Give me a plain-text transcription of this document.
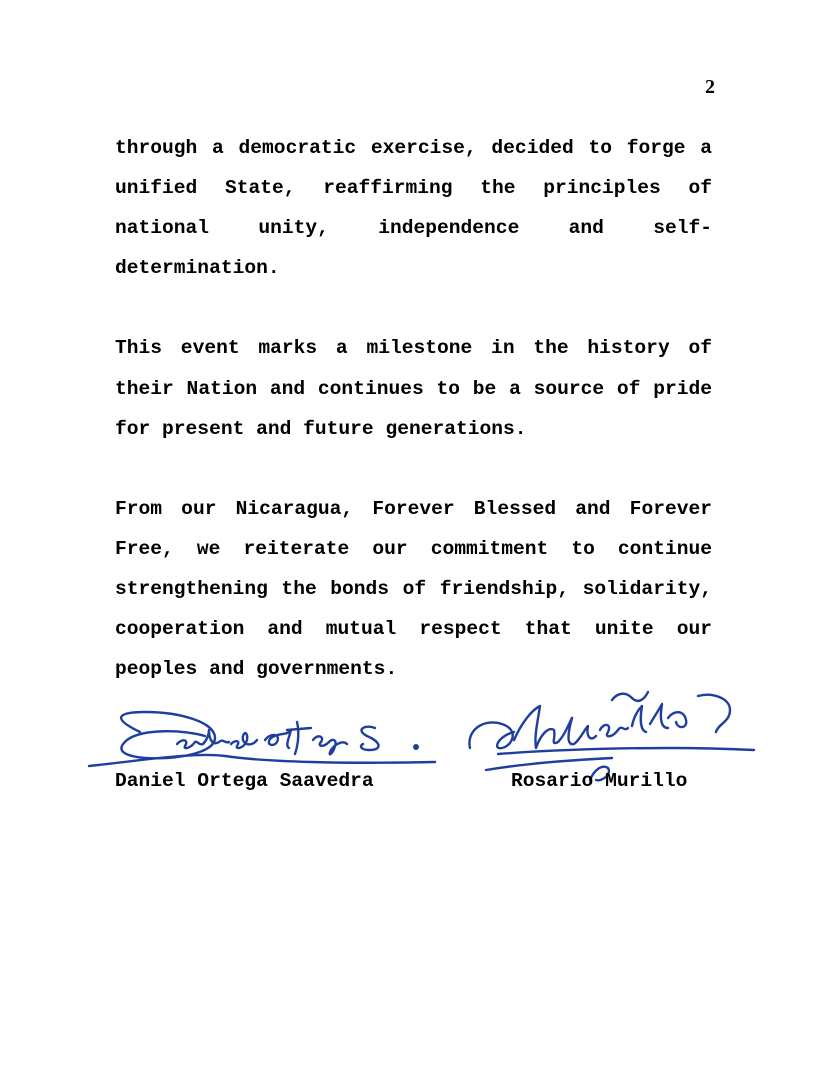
2

through a democratic exercise, decided to forge a unified State, reaffirming the principles of national unity, independence and self-determination.

This event marks a milestone in the history of their Nation and continues to be a source of pride for present and future generations.

From our Nicaragua, Forever Blessed and Forever Free, we reiterate our commitment to continue strengthening the bonds of friendship, solidarity, cooperation and mutual respect that unite our peoples and governments.

Daniel Ortega Saavedra	Rosario Murillo
